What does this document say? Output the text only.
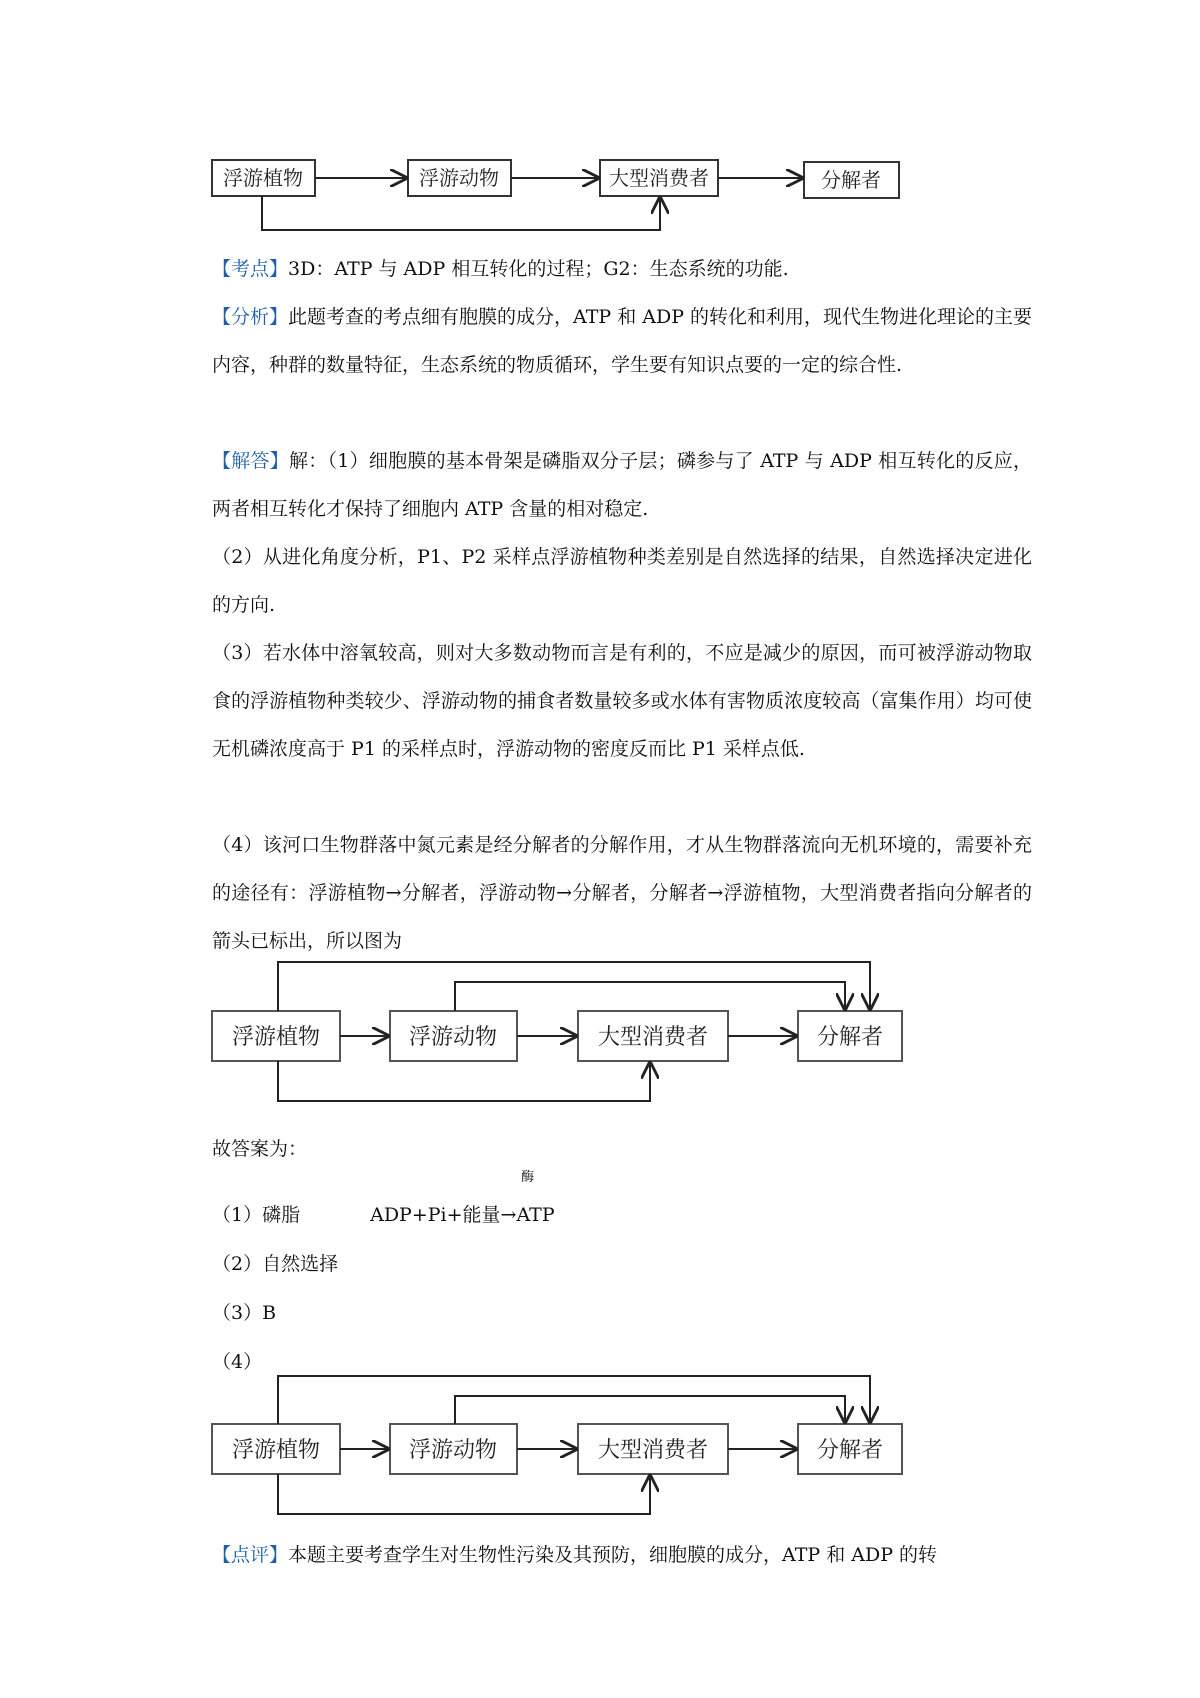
浮游植物	浮游动物	大型消费者	分解者
浮游植物	浮游动物	大型消费者	分解者
浮游植物	浮游动物	大型消费者	分解者

【考点】3D：ATP 与 ADP 相互转化的过程；G2：生态系统的功能.

【分析】此题考查的考点细有胞膜的成分，ATP 和 ADP 的转化和利用，现代生物进化理论的主要内容，种群的数量特征，生态系统的物质循环，学生要有知识点要的一定的综合性.

【解答】解：（1）细胞膜的基本骨架是磷脂双分子层；磷参与了 ATP 与 ADP 相互转化的反应，两者相互转化才保持了细胞内 ATP 含量的相对稳定.

（2）从进化角度分析，P1、P2 采样点浮游植物种类差别是自然选择的结果，自然选择决定进化的方向.

（3）若水体中溶氧较高，则对大多数动物而言是有利的，不应是减少的原因，而可被浮游动物取食的浮游植物种类较少、浮游动物的捕食者数量较多或水体有害物质浓度较高（富集作用）均可使无机磷浓度高于 P1 的采样点时，浮游动物的密度反而比 P1 采样点低.

（4）该河口生物群落中氮元素是经分解者的分解作用，才从生物群落流向无机环境的，需要补充的途径有：浮游植物→分解者，浮游动物→分解者，分解者→浮游植物，大型消费者指向分解者的箭头已标出，所以图为

故答案为：

（1）磷脂	ADP+Pi+能量
酶
→ATP

（2）自然选择

（3）B

（4）

【点评】本题主要考查学生对生物性污染及其预防，细胞膜的成分，ATP 和 ADP 的转
